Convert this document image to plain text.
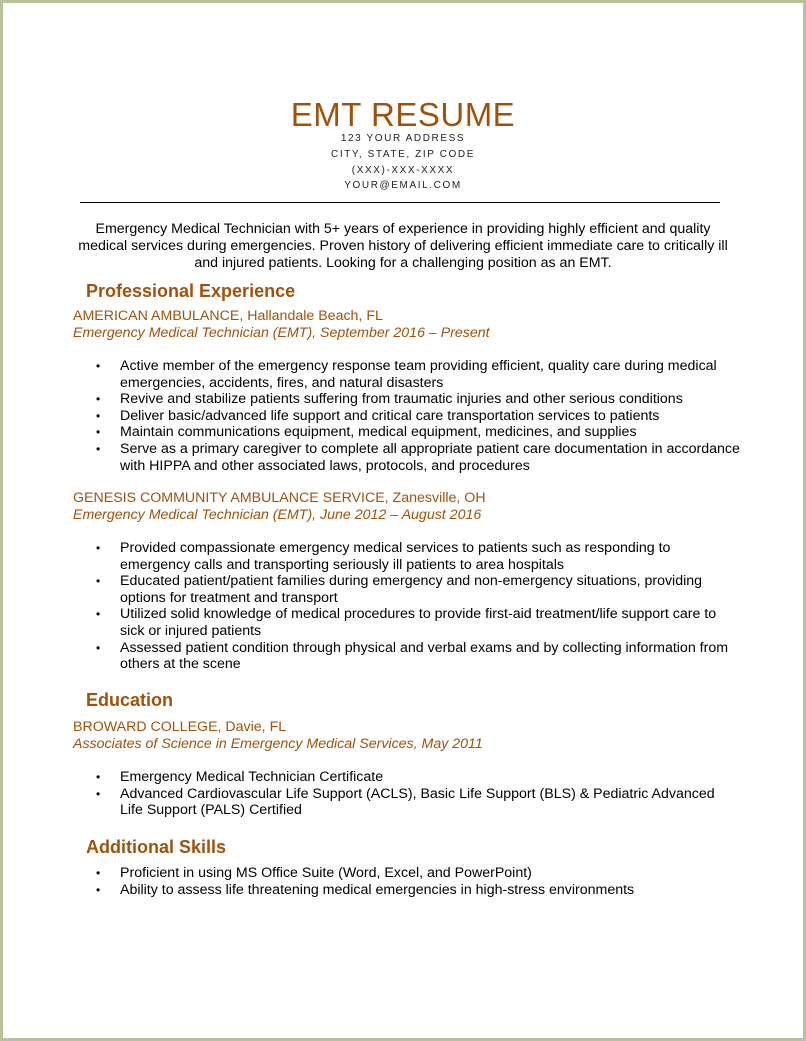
EMT RESUME
123 YOUR ADDRESS
CITY, STATE, ZIP CODE
(XXX)-XXX-XXXX
YOUR@EMAIL.COM
Emergency Medical Technician with 5+ years of experience in providing highly efficient and quality medical services during emergencies. Proven history of delivering efficient immediate care to critically ill and injured patients. Looking for a challenging position as an EMT.
Professional Experience
AMERICAN AMBULANCE, Hallandale Beach, FL
Emergency Medical Technician (EMT), September 2016 – Present
• Active member of the emergency response team providing efficient, quality care during medical emergencies, accidents, fires, and natural disasters
• Revive and stabilize patients suffering from traumatic injuries and other serious conditions
• Deliver basic/advanced life support and critical care transportation services to patients
• Maintain communications equipment, medical equipment, medicines, and supplies
• Serve as a primary caregiver to complete all appropriate patient care documentation in accordance with HIPPA and other associated laws, protocols, and procedures
GENESIS COMMUNITY AMBULANCE SERVICE, Zanesville, OH
Emergency Medical Technician (EMT), June 2012 – August 2016
• Provided compassionate emergency medical services to patients such as responding to emergency calls and transporting seriously ill patients to area hospitals
• Educated patient/patient families during emergency and non-emergency situations, providing options for treatment and transport
• Utilized solid knowledge of medical procedures to provide first-aid treatment/life support care to sick or injured patients
• Assessed patient condition through physical and verbal exams and by collecting information from others at the scene
Education
BROWARD COLLEGE, Davie, FL
Associates of Science in Emergency Medical Services, May 2011
• Emergency Medical Technician Certificate
• Advanced Cardiovascular Life Support (ACLS), Basic Life Support (BLS) & Pediatric Advanced Life Support (PALS) Certified
Additional Skills
• Proficient in using MS Office Suite (Word, Excel, and PowerPoint)
• Ability to assess life threatening medical emergencies in high-stress environments
